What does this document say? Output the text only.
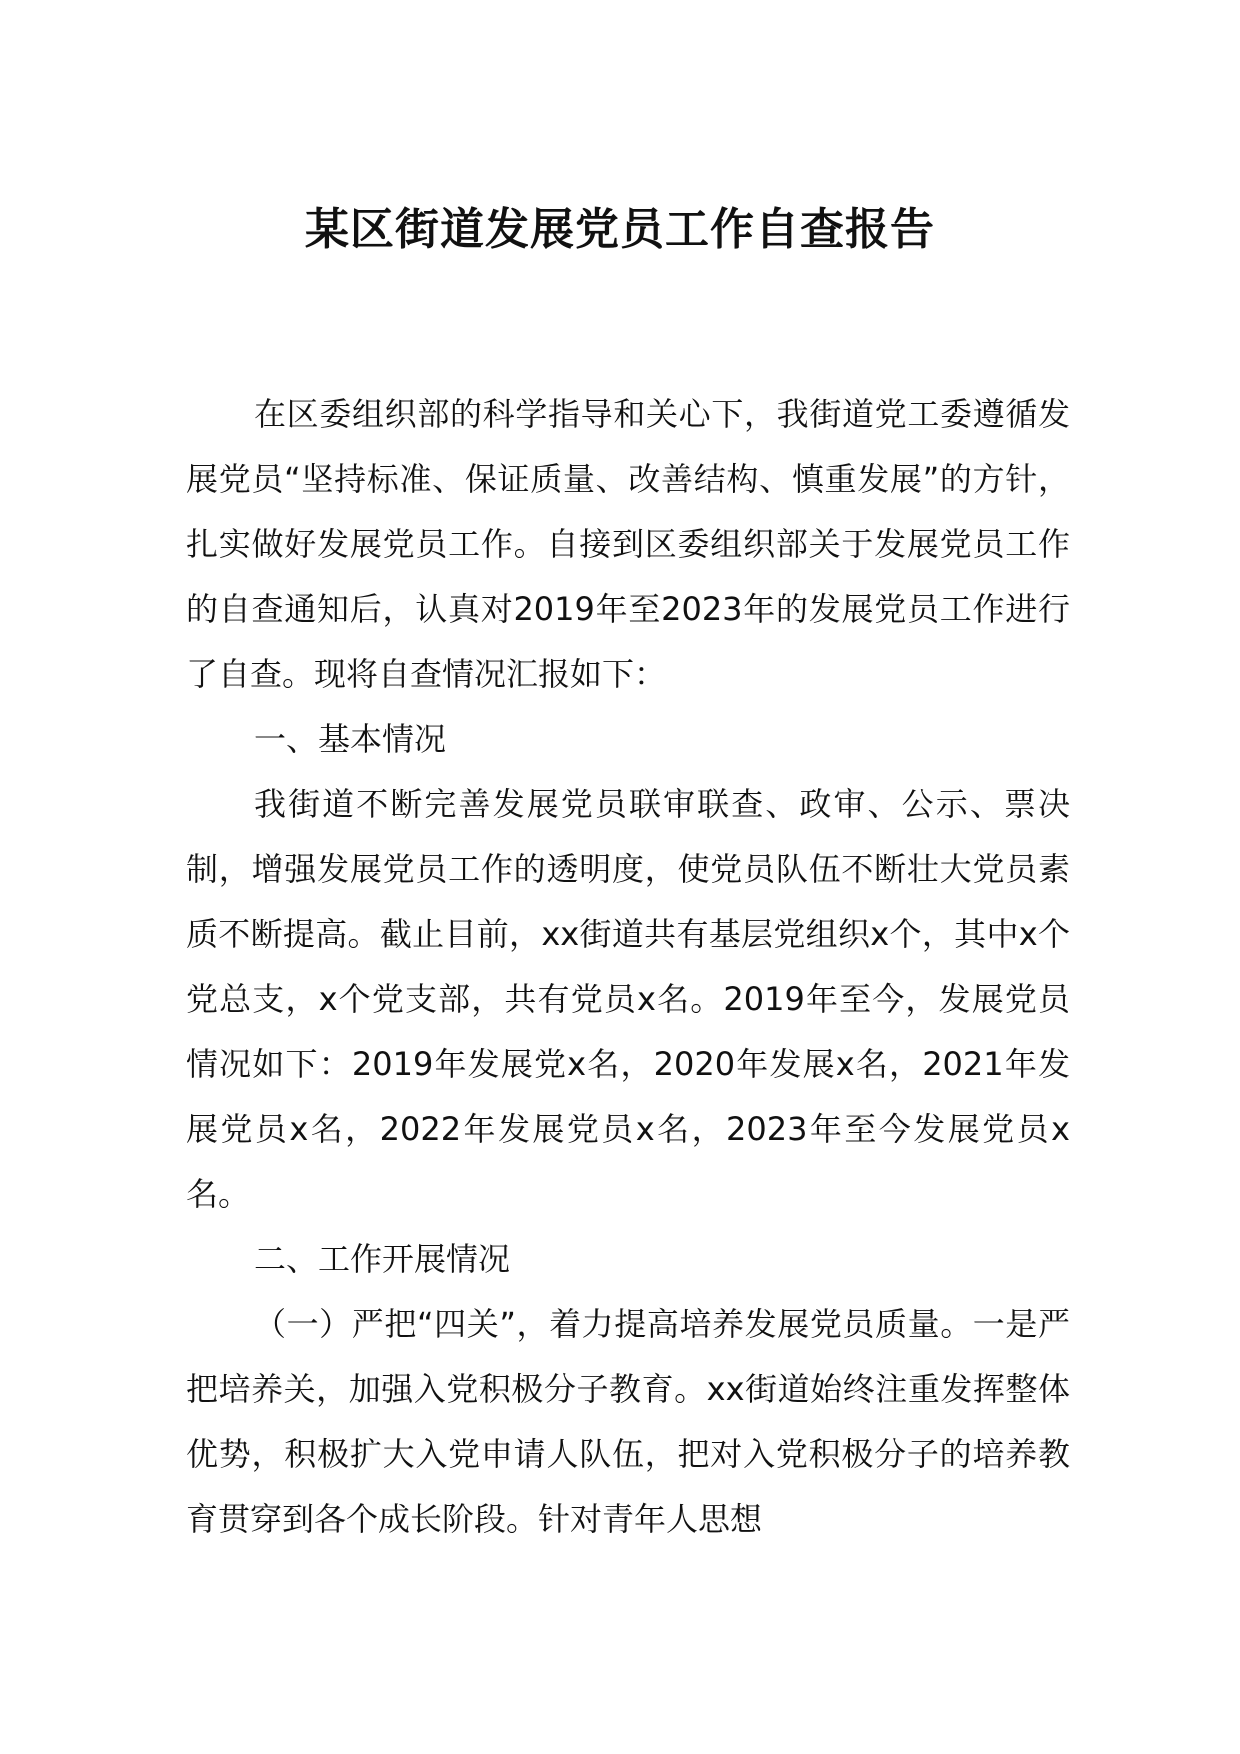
某区街道发展党员工作自查报告

在区委组织部的科学指导和关心下，我街道党工委遵循发展党员“坚持标准、保证质量、改善结构、慎重发展”的方针，扎实做好发展党员工作。自接到区委组织部关于发展党员工作的自查通知后，认真对2019年至2023年的发展党员工作进行了自查。现将自查情况汇报如下：

一、基本情况

我街道不断完善发展党员联审联查、政审、公示、票决制，增强发展党员工作的透明度，使党员队伍不断壮大党员素质不断提高。截止目前，xx街道共有基层党组织x个，其中x个党总支，x个党支部，共有党员x名。2019年至今，发展党员情况如下：2019年发展党x名，2020年发展x名，2021年发展党员x名，2022年发展党员x名，2023年至今发展党员x名。

二、工作开展情况

（一）严把“四关”，着力提高培养发展党员质量。一是严把培养关，加强入党积极分子教育。xx街道始终注重发挥整体优势，积极扩大入党申请人队伍，把对入党积极分子的培养教育贯穿到各个成长阶段。针对青年人思想
